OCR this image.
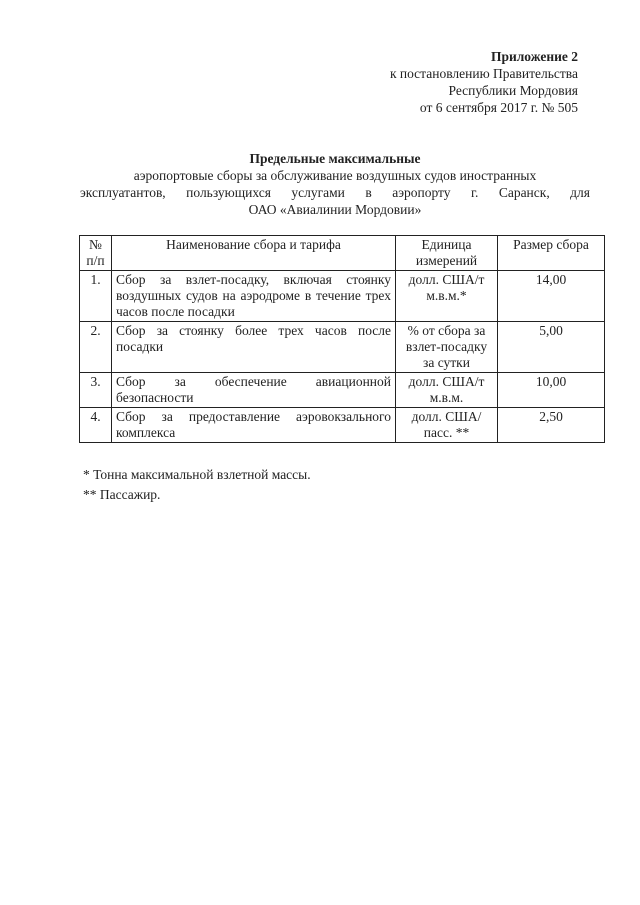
Приложение 2
к постановлению Правительства
Республики Мордовия
от 6 сентября 2017 г. № 505
Предельные максимальные
аэропортовые сборы за обслуживание воздушных судов иностранных
эксплуатантов, пользующихся услугами в аэропорту г. Саранск, для
ОАО «Авиалинии Мордовии»
№ п/п	Наименование сбора и тарифа	Единица измерений	Размер сбора
1.	Сбор за взлет-посадку, включая стоянку воздушных судов на аэродроме в течение трех часов после посадки	долл. США/т м.в.м.*	14,00
2.	Сбор за стоянку более трех часов после посадки	% от сбора за взлет-посадку за сутки	5,00
3.	Сбор за обеспечение авиационной безопасности	долл. США/т м.в.м.	10,00
4.	Сбор за предоставление аэровокзального комплекса	долл. США/ пасс. **	2,50
* Тонна максимальной взлетной массы.
** Пассажир.
